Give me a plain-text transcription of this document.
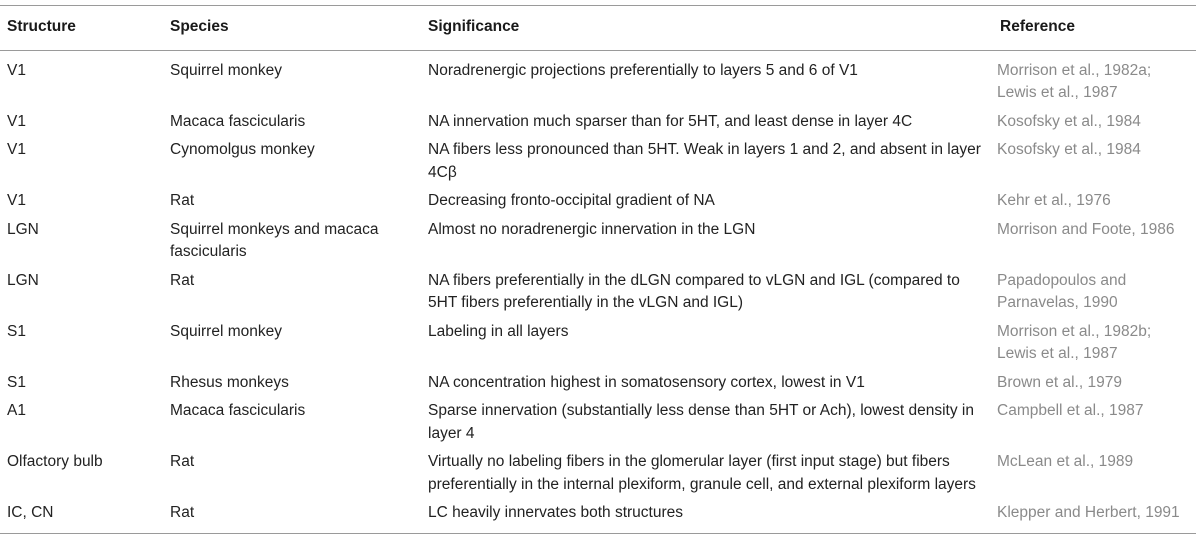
Structure	Species	Significance	Reference
V1	Squirrel monkey	Noradrenergic projections preferentially to layers 5 and 6 of V1	Morrison et al., 1982a; Lewis et al., 1987
V1	Macaca fascicularis	NA innervation much sparser than for 5HT, and least dense in layer 4C	Kosofsky et al., 1984
V1	Cynomolgus monkey	NA fibers less pronounced than 5HT. Weak in layers 1 and 2, and absent in layer 4Cβ	Kosofsky et al., 1984
V1	Rat	Decreasing fronto-occipital gradient of NA	Kehr et al., 1976
LGN	Squirrel monkeys and macaca fascicularis	Almost no noradrenergic innervation in the LGN	Morrison and Foote, 1986
LGN	Rat	NA fibers preferentially in the dLGN compared to vLGN and IGL (compared to 5HT fibers preferentially in the vLGN and IGL)	Papadopoulos and Parnavelas, 1990
S1	Squirrel monkey	Labeling in all layers	Morrison et al., 1982b; Lewis et al., 1987
S1	Rhesus monkeys	NA concentration highest in somatosensory cortex, lowest in V1	Brown et al., 1979
A1	Macaca fascicularis	Sparse innervation (substantially less dense than 5HT or Ach), lowest density in layer 4	Campbell et al., 1987
Olfactory bulb	Rat	Virtually no labeling fibers in the glomerular layer (first input stage) but fibers preferentially in the internal plexiform, granule cell, and external plexiform layers	McLean et al., 1989
IC, CN	Rat	LC heavily innervates both structures	Klepper and Herbert, 1991
